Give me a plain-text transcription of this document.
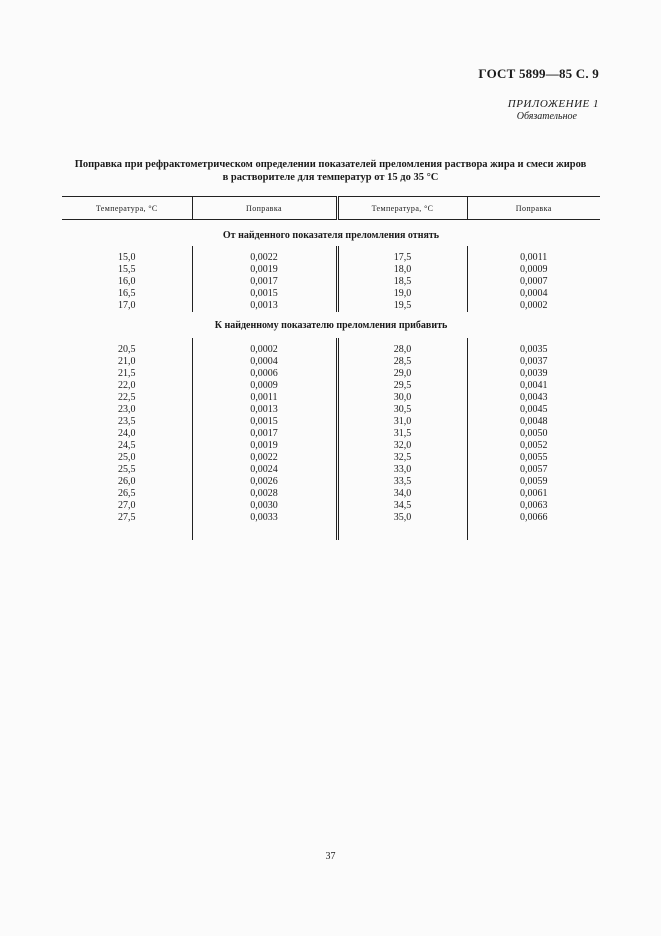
ГОСТ 5899—85 С. 9
ПРИЛОЖЕНИЕ 1
Обязательное
Поправка при рефрактометрическом определении показателей преломления раствора жира и смеси жиров
в растворителе для температур от 15 до 35 °С
Температура, °С	Поправка	Температура, °С	Поправка
От найденного показателя преломления отнять			

15,0	0,0022	17,5	0,0011
15,5	0,0019	18,0	0,0009
16,0	0,0017	18,5	0,0007
16,5	0,0015	19,0	0,0004
17,0	0,0013	19,5	0,0002
К найденному показателю преломления прибавить			

20,5	0,0002	28,0	0,0035
21,0	0,0004	28,5	0,0037
21,5	0,0006	29,0	0,0039
22,0	0,0009	29,5	0,0041
22,5	0,0011	30,0	0,0043
23,0	0,0013	30,5	0,0045
23,5	0,0015	31,0	0,0048
24,0	0,0017	31,5	0,0050
24,5	0,0019	32,0	0,0052
25,0	0,0022	32,5	0,0055
25,5	0,0024	33,0	0,0057
26,0	0,0026	33,5	0,0059
26,5	0,0028	34,0	0,0061
27,0	0,0030	34,5	0,0063
27,5	0,0033	35,0	0,0066

37
